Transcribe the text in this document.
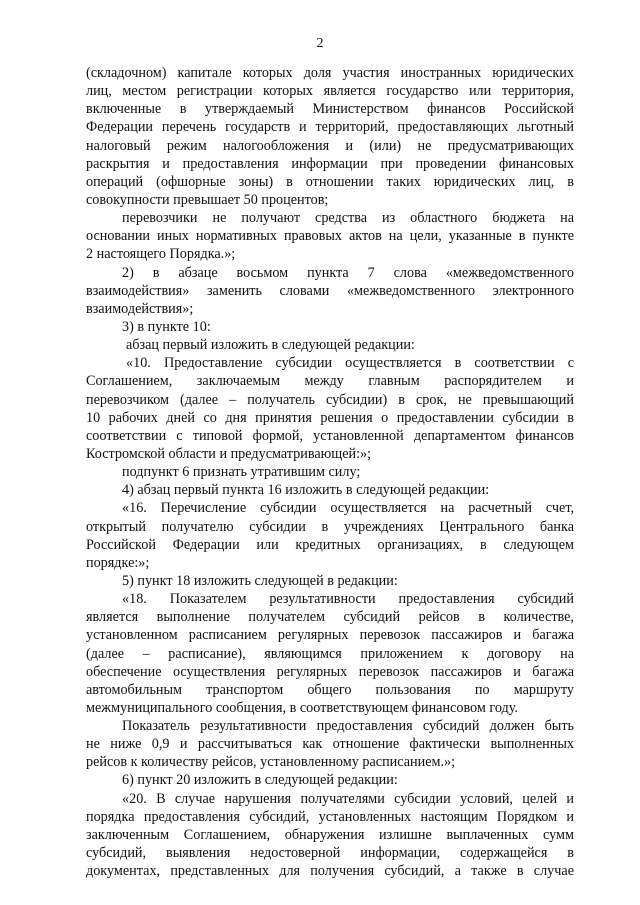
2
(складочном) капитале которых доля участия иностранных юридических
лиц, местом регистрации которых является государство или территория,
включенные в утверждаемый Министерством финансов Российской
Федерации перечень государств и территорий, предоставляющих льготный
налоговый режим налогообложения и (или) не предусматривающих
раскрытия и предоставления информации при проведении финансовых
операций (офшорные зоны) в отношении таких юридических лиц, в
совокупности превышает 50 процентов;
перевозчики не получают средства из областного бюджета на
основании иных нормативных правовых актов на цели, указанные в пункте
2 настоящего Порядка.»;
2) в абзаце восьмом пункта 7 слова «межведомственного
взаимодействия» заменить словами «межведомственного электронного
взаимодействия»;
3) в пункте 10:
абзац первый изложить в следующей редакции:
«10. Предоставление субсидии осуществляется в соответствии с
Соглашением, заключаемым между главным распорядителем и
перевозчиком (далее – получатель субсидии) в срок, не превышающий
10 рабочих дней со дня принятия решения о предоставлении субсидии в
соответствии с типовой формой, установленной департаментом финансов
Костромской области и предусматривающей:»;
подпункт 6 признать утратившим силу;
4) абзац первый пункта 16 изложить в следующей редакции:
«16. Перечисление субсидии осуществляется на расчетный счет,
открытый получателю субсидии в учреждениях Центрального банка
Российской Федерации или кредитных организациях, в следующем
порядке:»;
5) пункт 18 изложить следующей в редакции:
«18. Показателем результативности предоставления субсидий
является выполнение получателем субсидий рейсов в количестве,
установленном расписанием регулярных перевозок пассажиров и багажа
(далее – расписание), являющимся приложением к договору на
обеспечение осуществления регулярных перевозок пассажиров и багажа
автомобильным транспортом общего пользования по маршруту
межмуниципального сообщения, в соответствующем финансовом году.
Показатель результативности предоставления субсидий должен быть
не ниже 0,9 и рассчитываться как отношение фактически выполненных
рейсов к количеству рейсов, установленному расписанием.»;
6) пункт 20 изложить в следующей редакции:
«20. В случае нарушения получателями субсидии условий, целей и
порядка предоставления субсидий, установленных настоящим Порядком и
заключенным Соглашением, обнаружения излишне выплаченных сумм
субсидий, выявления недостоверной информации, содержащейся в
документах, представленных для получения субсидий, а также в случае
